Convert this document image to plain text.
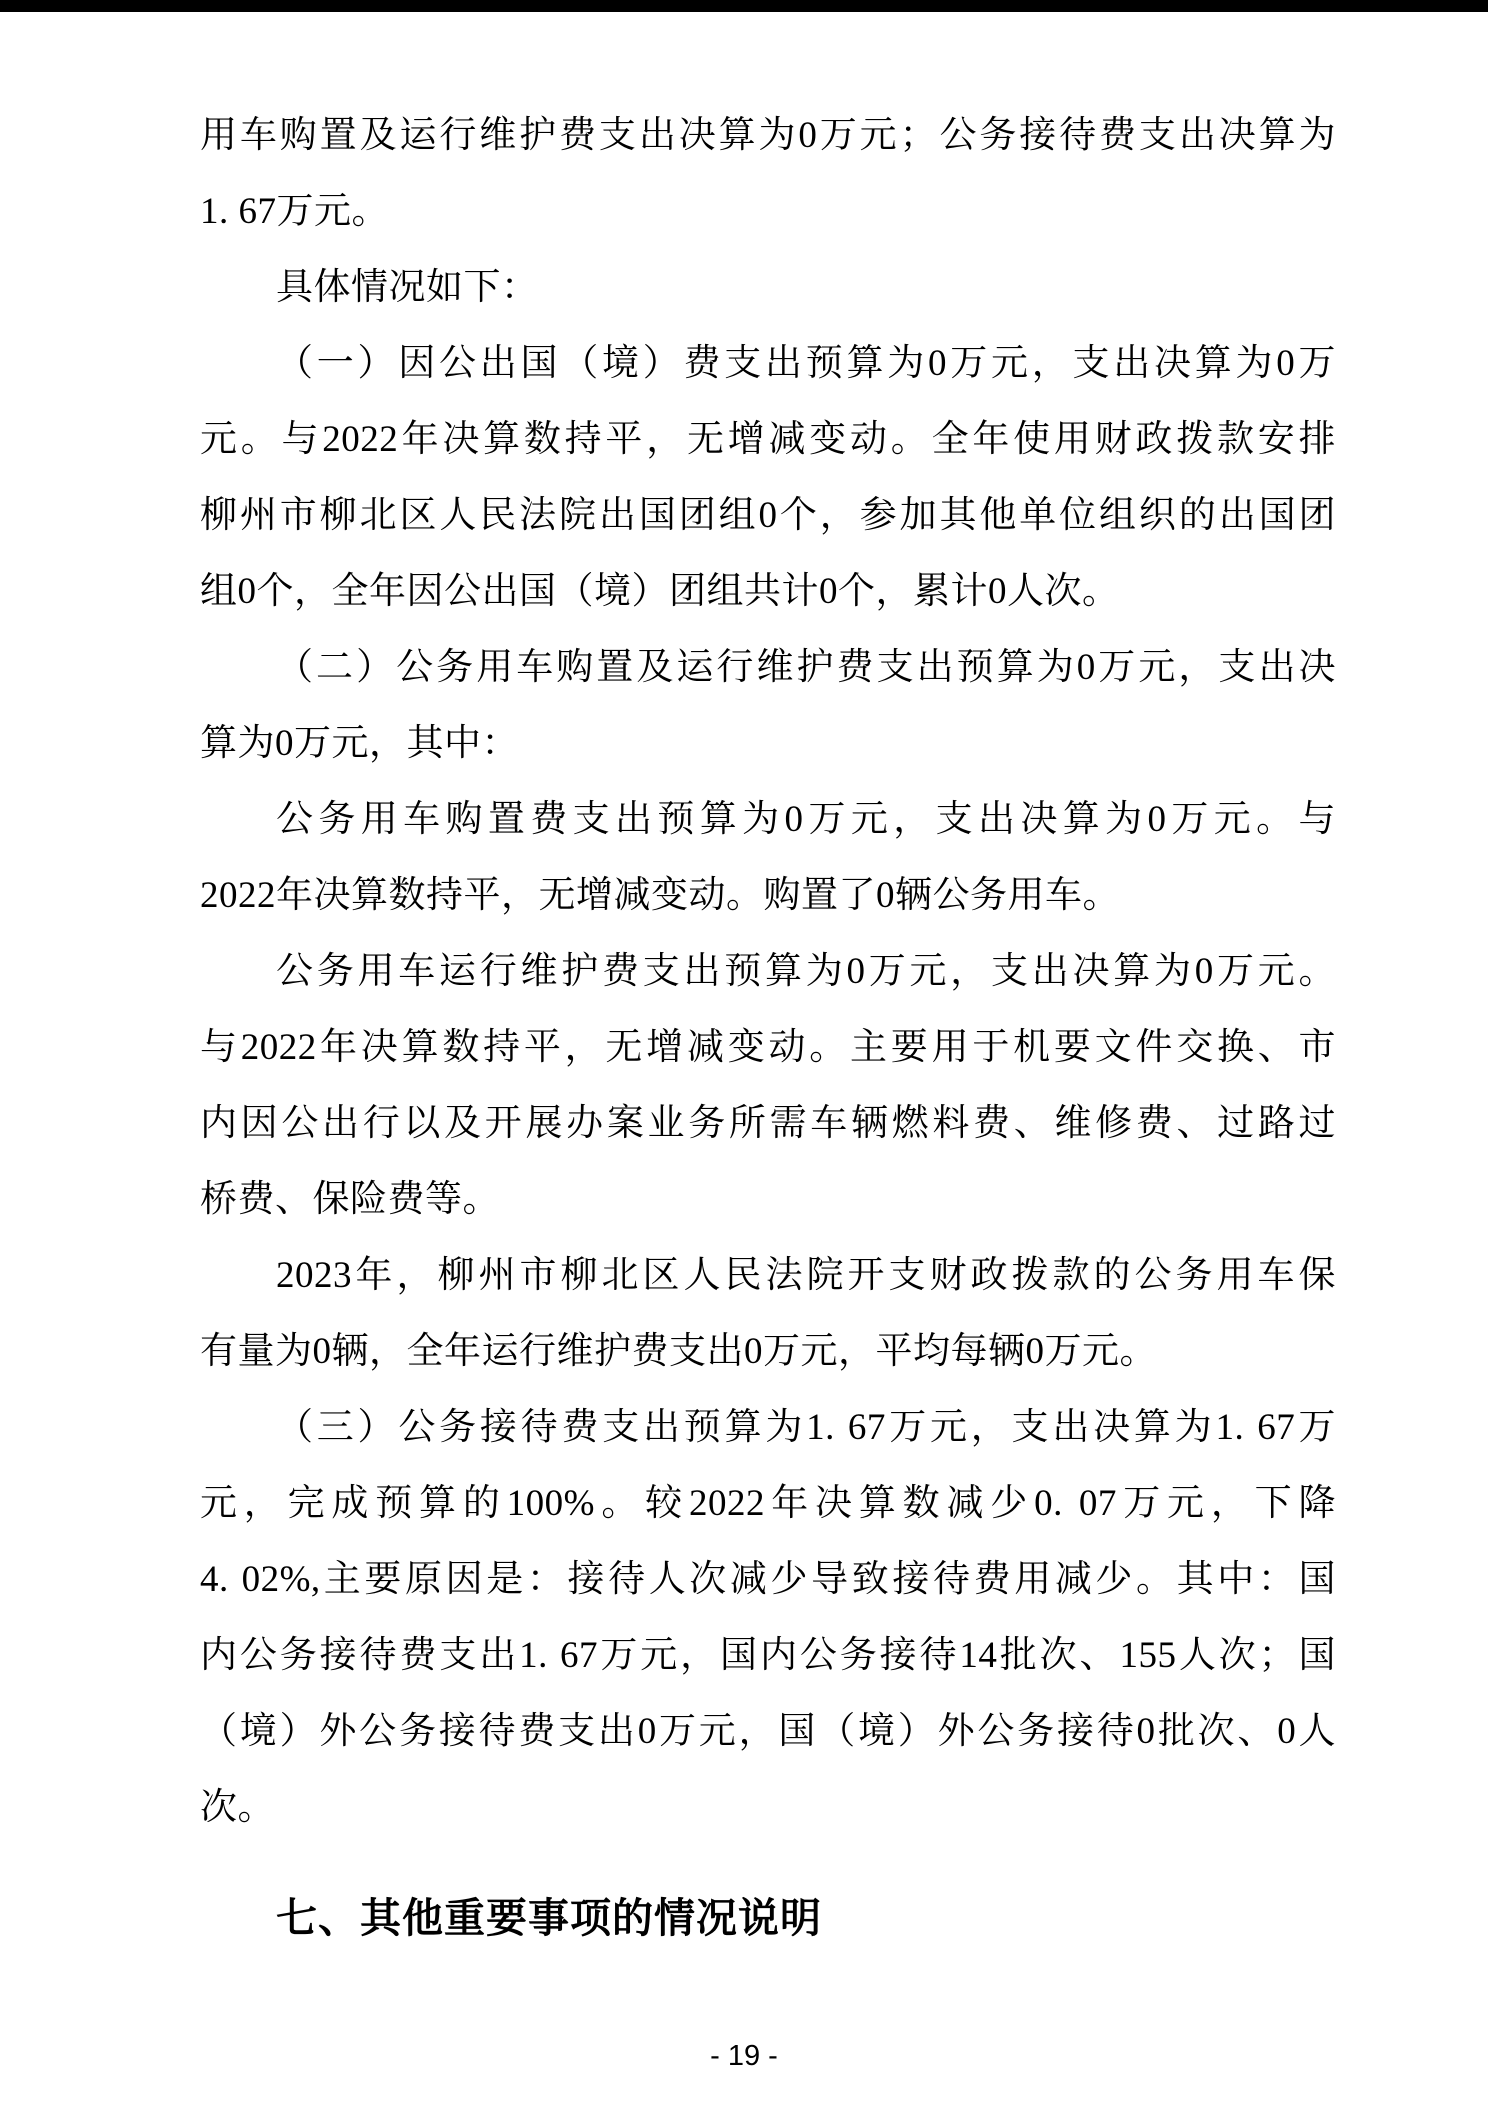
用车购置及运行维护费支出决算为0万元；公务接待费支出决算为
1. 67万元。
具体情况如下：
（一）因公出国（境）费支出预算为0万元，支出决算为0万
元。与2022年决算数持平，无增减变动。全年使用财政拨款安排
柳州市柳北区人民法院出国团组0个，参加其他单位组织的出国团
组0个，全年因公出国（境）团组共计0个，累计0人次。
（二）公务用车购置及运行维护费支出预算为0万元，支出决
算为0万元，其中：
公务用车购置费支出预算为0万元，支出决算为0万元。与
2022年决算数持平，无增减变动。购置了0辆公务用车。
公务用车运行维护费支出预算为0万元，支出决算为0万元。
与2022年决算数持平，无增减变动。主要用于机要文件交换、市
内因公出行以及开展办案业务所需车辆燃料费、维修费、过路过
桥费、保险费等。
2023年，柳州市柳北区人民法院开支财政拨款的公务用车保
有量为0辆，全年运行维护费支出0万元，平均每辆0万元。
（三）公务接待费支出预算为1. 67万元，支出决算为1. 67万
元，完成预算的100%。较2022年决算数减少0. 07万元，下降
4. 02%,主要原因是：接待人次减少导致接待费用减少。其中：国
内公务接待费支出1. 67万元，国内公务接待14批次、155人次；国
（境）外公务接待费支出0万元，国（境）外公务接待0批次、0人
次。
七、其他重要事项的情况说明
- 19 -
